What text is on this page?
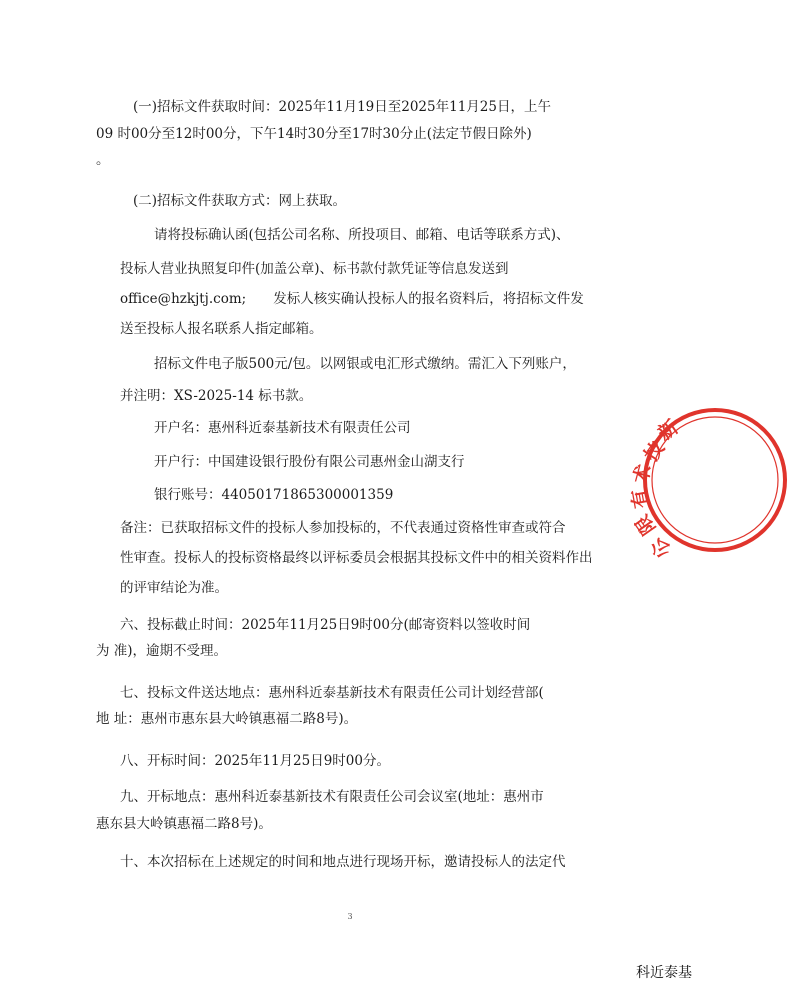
(一)招标文件获取时间：2025年11月19日至2025年11月25日，上午
09 时00分至12时00分，下午14时30分至17时30分止(法定节假日除外)
。
(二)招标文件获取方式：网上获取。
请将投标确认函(包括公司名称、所投项目、邮箱、电话等联系方式)、
投标人营业执照复印件(加盖公章)、标书款付款凭证等信息发送到
office@hzkjtj.com;　　发标人核实确认投标人的报名资料后，将招标文件发
送至投标人报名联系人指定邮箱。
招标文件电子版500元/包。以网银或电汇形式缴纳。需汇入下列账户，
并注明：XS-2025-14 标书款。
开户名：惠州科近泰基新技术有限责任公司
开户行：中国建设银行股份有限公司惠州金山湖支行
银行账号：44050171865300001359
备注：已获取招标文件的投标人参加投标的，不代表通过资格性审查或符合
性审查。投标人的投标资格最终以评标委员会根据其投标文件中的相关资料作出
的评审结论为准。
六、投标截止时间：2025年11月25日9时00分(邮寄资料以签收时间
为 准)，逾期不受理。
七、投标文件送达地点：惠州科近泰基新技术有限责任公司计划经营部(
地 址：惠州市惠东县大岭镇惠福二路8号)。
八、开标时间：2025年11月25日9时00分。
九、开标地点：惠州科近泰基新技术有限责任公司会议室(地址：惠州市
惠东县大岭镇惠福二路8号)。
十、本次招标在上述规定的时间和地点进行现场开标，邀请投标人的法定代
3
新
技
术
有
限
公
科近泰基
